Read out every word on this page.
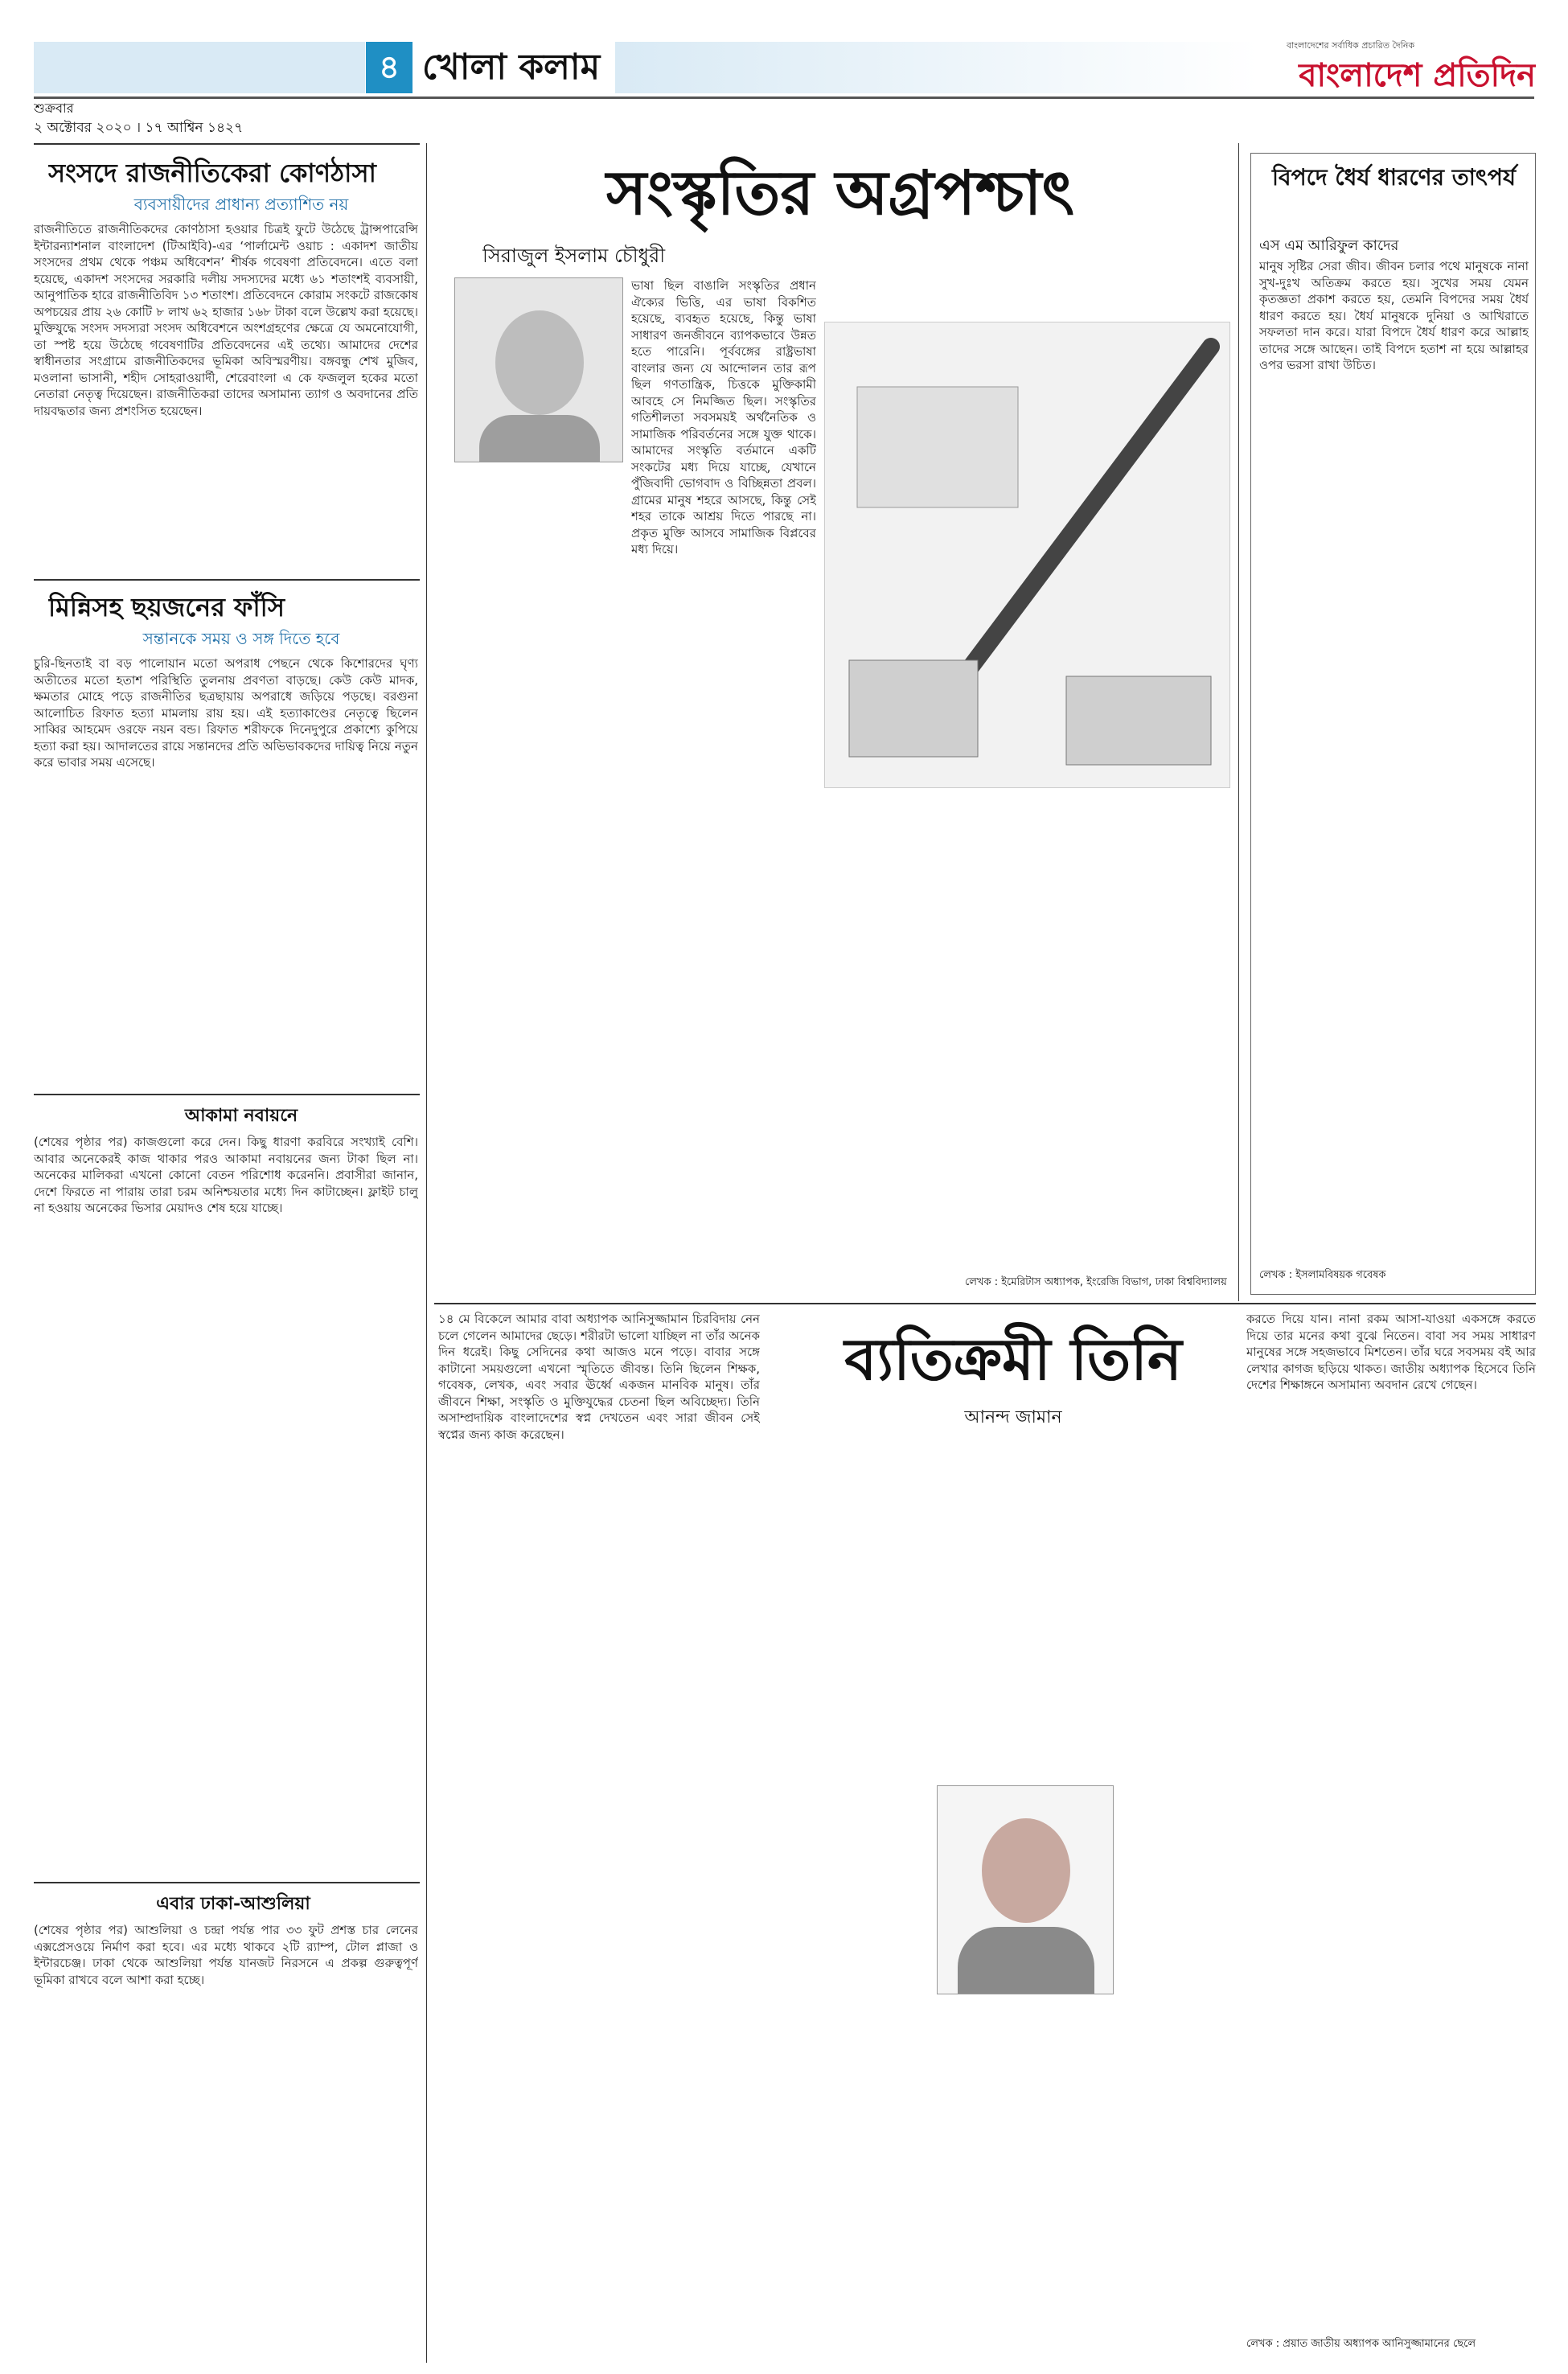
৪ খোলা কলাম
বাংলাদেশের সর্বাধিক প্রচারিত দৈনিক
বাংলাদেশ প্রতিদিন
শুক্রবার
২ অক্টোবর ২০২০ । ১৭ আশ্বিন ১৪২৭
সংসদে রাজনীতিকেরা কোণঠাসা
ব্যবসায়ীদের প্রাধান্য প্রত্যাশিত নয়
রাজনীতিতে রাজনীতিকদের কোণঠাসা হওয়ার চিত্রই ফুটে উঠেছে ট্রান্সপারেন্সি ইন্টারন্যাশনাল বাংলাদেশ (টিআইবি)-এর ‘পার্লামেন্ট ওয়াচ : একাদশ জাতীয় সংসদের প্রথম থেকে পঞ্চম অধিবেশন’ শীর্ষক গবেষণা প্রতিবেদনে। এতে বলা হয়েছে, একাদশ সংসদের সরকারি দলীয় সদস্যদের মধ্যে ৬১ শতাংশই ব্যবসায়ী, আনুপাতিক হারে রাজনীতিবিদ ১৩ শতাংশ। প্রতিবেদনে কোরাম সংকটে রাজকোষ অপচয়ের প্রায় ২৬ কোটি ৮ লাখ ৬২ হাজার ১৬৮ টাকা বলে উল্লেখ করা হয়েছে। মুক্তিযুদ্ধে সংসদ সদস্যরা সংসদ অধিবেশনে অংশগ্রহণের ক্ষেত্রে যে অমনোযোগী, তা স্পষ্ট হয়ে উঠেছে গবেষণাটির প্রতিবেদনের এই তথ্যে। আমাদের দেশের স্বাধীনতার সংগ্রামে রাজনীতিকদের ভূমিকা অবিস্মরণীয়। বঙ্গবন্ধু শেখ মুজিব, মওলানা ভাসানী, শহীদ সোহরাওয়ার্দী, শেরেবাংলা এ কে ফজলুল হকের মতো নেতারা নেতৃত্ব দিয়েছেন। রাজনীতিকরা তাদের অসামান্য ত্যাগ ও অবদানের প্রতি দায়বদ্ধতার জন্য প্রশংসিত হয়েছেন।
মিন্নিসহ ছয়জনের ফাঁসি
সন্তানকে সময় ও সঙ্গ দিতে হবে
চুরি-ছিনতাই বা বড় পালোয়ান মতো অপরাধ পেছনে থেকে কিশোরদের ঘৃণ্য অতীতের মতো হতাশ পরিস্থিতি তুলনায় প্রবণতা বাড়ছে। কেউ কেউ মাদক, ক্ষমতার মোহে পড়ে রাজনীতির ছত্রছায়ায় অপরাধে জড়িয়ে পড়ছে। বরগুনা আলোচিত রিফাত হত্যা মামলায় রায় হয়। এই হত্যাকাণ্ডের নেতৃত্বে ছিলেন সাব্বির আহমেদ ওরফে নয়ন বন্ড। রিফাত শরীফকে দিনেদুপুরে প্রকাশ্যে কুপিয়ে হত্যা করা হয়। আদালতের রায়ে সন্তানদের প্রতি অভিভাবকদের দায়িত্ব নিয়ে নতুন করে ভাবার সময় এসেছে।
আকামা নবায়নে
(শেষের পৃষ্ঠার পর) কাজগুলো করে দেন। কিছু ধারণা করবিরে সংখ্যাই বেশি। আবার অনেকেরই কাজ থাকার পরও আকামা নবায়নের জন্য টাকা ছিল না। অনেকের মালিকরা এখনো কোনো বেতন পরিশোধ করেননি। প্রবাসীরা জানান, দেশে ফিরতে না পারায় তারা চরম অনিশ্চয়তার মধ্যে দিন কাটাচ্ছেন। ফ্লাইট চালু না হওয়ায় অনেকের ভিসার মেয়াদও শেষ হয়ে যাচ্ছে।
এবার ঢাকা-আশুলিয়া
(শেষের পৃষ্ঠার পর) আশুলিয়া ও চন্দ্রা পর্যন্ত পার ৩৩ ফুট প্রশস্ত চার লেনের এক্সপ্রেসওয়ে নির্মাণ করা হবে। এর মধ্যে থাকবে ২টি র‍্যাম্প, টোল প্লাজা ও ইন্টারচেঞ্জ। ঢাকা থেকে আশুলিয়া পর্যন্ত যানজট নিরসনে এ প্রকল্প গুরুত্বপূর্ণ ভূমিকা রাখবে বলে আশা করা হচ্ছে।
সংস্কৃতির অগ্রপশ্চাৎ
সিরাজুল ইসলাম চৌধুরী
ভাষা ছিল বাঙালি সংস্কৃতির প্রধান ঐক্যের ভিত্তি, এর ভাষা বিকশিত হয়েছে, ব্যবহৃত হয়েছে, কিন্তু ভাষা সাধারণ জনজীবনে ব্যাপকভাবে উন্নত হতে পারেনি। পূর্ববঙ্গের রাষ্ট্রভাষা বাংলার জন্য যে আন্দোলন তার রূপ ছিল গণতান্ত্রিক, চিত্তকে মুক্তিকামী আবহে সে নিমজ্জিত ছিল। সংস্কৃতির গতিশীলতা সবসময়ই অর্থনৈতিক ও সামাজিক পরিবর্তনের সঙ্গে যুক্ত থাকে। আমাদের সংস্কৃতি বর্তমানে একটি সংকটের মধ্য দিয়ে যাচ্ছে, যেখানে পুঁজিবাদী ভোগবাদ ও বিচ্ছিন্নতা প্রবল। গ্রামের মানুষ শহরে আসছে, কিন্তু সেই শহর তাকে আশ্রয় দিতে পারছে না। প্রকৃত মুক্তি আসবে সামাজিক বিপ্লবের মধ্য দিয়ে।
লেখক : ইমেরিটাস অধ্যাপক, ইংরেজি বিভাগ, ঢাকা বিশ্ববিদ্যালয়
বিপদে ধৈর্য ধারণের তাৎপর্য
এস এম আরিফুল কাদের
মানুষ সৃষ্টির সেরা জীব। জীবন চলার পথে মানুষকে নানা সুখ-দুঃখ অতিক্রম করতে হয়। সুখের সময় যেমন কৃতজ্ঞতা প্রকাশ করতে হয়, তেমনি বিপদের সময় ধৈর্য ধারণ করতে হয়। ধৈর্য মানুষকে দুনিয়া ও আখিরাতে সফলতা দান করে। যারা বিপদে ধৈর্য ধারণ করে আল্লাহ তাদের সঙ্গে আছেন। তাই বিপদে হতাশ না হয়ে আল্লাহর ওপর ভরসা রাখা উচিত।
লেখক : ইসলামবিষয়ক গবেষক
১৪ মে বিকেলে আমার বাবা অধ্যাপক আনিসুজ্জামান চিরবিদায় নেন চলে গেলেন আমাদের ছেড়ে। শরীরটা ভালো যাচ্ছিল না তাঁর অনেক দিন ধরেই। কিছু সেদিনের কথা আজও মনে পড়ে। বাবার সঙ্গে কাটানো সময়গুলো এখনো স্মৃতিতে জীবন্ত। তিনি ছিলেন শিক্ষক, গবেষক, লেখক, এবং সবার ঊর্ধ্বে একজন মানবিক মানুষ। তাঁর জীবনে শিক্ষা, সংস্কৃতি ও মুক্তিযুদ্ধের চেতনা ছিল অবিচ্ছেদ্য। তিনি অসাম্প্রদায়িক বাংলাদেশের স্বপ্ন দেখতেন এবং সারা জীবন সেই স্বপ্নের জন্য কাজ করেছেন।
ব্যতিক্রমী তিনি
আনন্দ জামান
করতে দিয়ে যান। নানা রকম আসা-যাওয়া একসঙ্গে করতে দিয়ে তার মনের কথা বুঝে নিতেন। বাবা সব সময় সাধারণ মানুষের সঙ্গে সহজভাবে মিশতেন। তাঁর ঘরে সবসময় বই আর লেখার কাগজ ছড়িয়ে থাকত। জাতীয় অধ্যাপক হিসেবে তিনি দেশের শিক্ষাঙ্গনে অসামান্য অবদান রেখে গেছেন।
লেখক : প্রয়াত জাতীয় অধ্যাপক আনিসুজ্জামানের ছেলে
